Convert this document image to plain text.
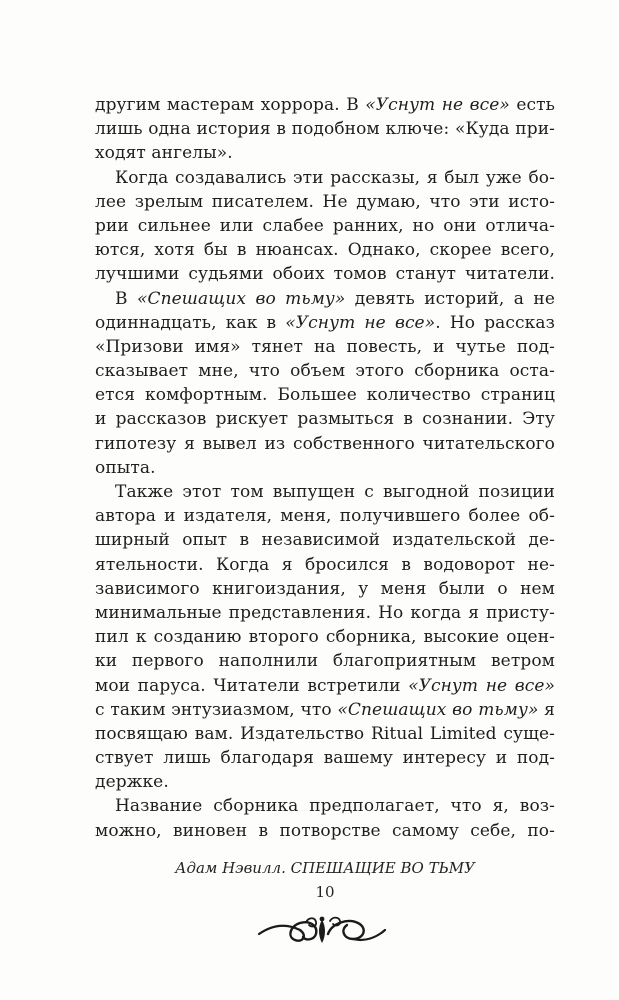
другим мастерам хоррора. В «Уснут не все» есть
лишь одна история в подобном ключе: «Куда при-
ходят ангелы».
Когда создавались эти рассказы, я был уже бо-
лее зрелым писателем. Не думаю, что эти исто-
рии сильнее или слабее ранних, но они отлича-
ются, хотя бы в нюансах. Однако, скорее всего,
лучшими судьями обоих томов станут читатели.
В «Спешащих во тьму» девять историй, а не
одиннадцать, как в «Уснут не все». Но рассказ
«Призови имя» тянет на повесть, и чутье под-
сказывает мне, что объем этого сборника оста-
ется комфортным. Большее количество страниц
и рассказов рискует размыться в сознании. Эту
гипотезу я вывел из собственного читательского
опыта.
Также этот том выпущен с выгодной позиции
автора и издателя, меня, получившего более об-
ширный опыт в независимой издательской де-
ятельности. Когда я бросился в водоворот не-
зависимого книгоиздания, у меня были о нем
минимальные представления. Но когда я присту-
пил к созданию второго сборника, высокие оцен-
ки первого наполнили благоприятным ветром
мои паруса. Читатели встретили «Уснут не все»
с таким энтузиазмом, что «Спешащих во тьму» я
посвящаю вам. Издательство Ritual Limited суще-
ствует лишь благодаря вашему интересу и под-
держке.
Название сборника предполагает, что я, воз-
можно, виновен в потворстве самому себе, по-
Адам Нэвилл. СПЕШАЩИЕ ВО ТЬМУ
10
